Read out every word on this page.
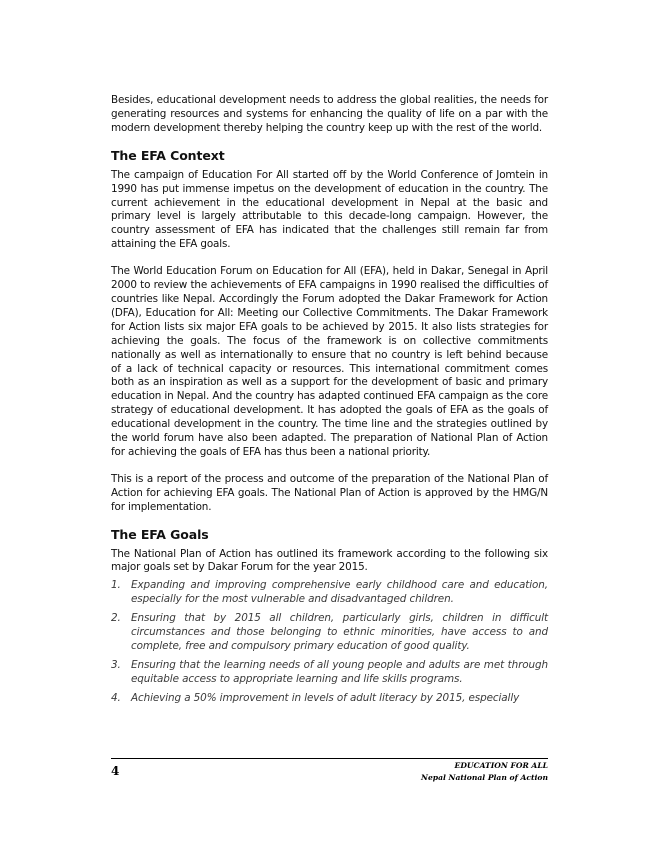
Besides, educational development needs to address the global realities, the needs for generating resources and systems for enhancing the quality of life on a par with the modern development thereby helping the country keep up with the rest of the world.

The EFA Context

The campaign of Education For All started off by the World Conference of Jomtein in 1990 has put immense impetus on the development of education in the country. The current achievement in the educational development in Nepal at the basic and primary level is largely attributable to this decade-long campaign. However, the country assessment of EFA has indicated that the challenges still remain far from attaining the EFA goals.

The World Education Forum on Education for All (EFA), held in Dakar, Senegal in April 2000 to review the achievements of EFA campaigns in 1990 realised the difficulties of countries like Nepal. Accordingly the Forum adopted the Dakar Framework for Action (DFA), Education for All: Meeting our Collective Commitments. The Dakar Framework for Action lists six major EFA goals to be achieved by 2015. It also lists strategies for achieving the goals. The focus of the framework is on collective commitments nationally as well as internationally to ensure that no country is left behind because of a lack of technical capacity or resources. This international commitment comes both as an inspiration as well as a support for the development of basic and primary education in Nepal. And the country has adapted continued EFA campaign as the core strategy of educational development. It has adopted the goals of EFA as the goals of educational development in the country. The time line and the strategies outlined by the world forum have also been adapted. The preparation of National Plan of Action for achieving the goals of EFA has thus been a national priority.

This is a report of the process and outcome of the preparation of the National Plan of Action for achieving EFA goals. The National Plan of Action is approved by the HMG/N for implementation.

The EFA Goals

The National Plan of Action has outlined its framework according to the following six major goals set by Dakar Forum for the year 2015.

1. Expanding and improving comprehensive early childhood care and education, especially for the most vulnerable and disadvantaged children.
2. Ensuring that by 2015 all children, particularly girls, children in difficult circumstances and those belonging to ethnic minorities, have access to and complete, free and compulsory primary education of good quality.
3. Ensuring that the learning needs of all young people and adults are met through equitable access to appropriate learning and life skills programs.
4. Achieving a 50% improvement in levels of adult literacy by 2015, especially
4	EDUCATION FOR ALL
Nepal National Plan of Action
